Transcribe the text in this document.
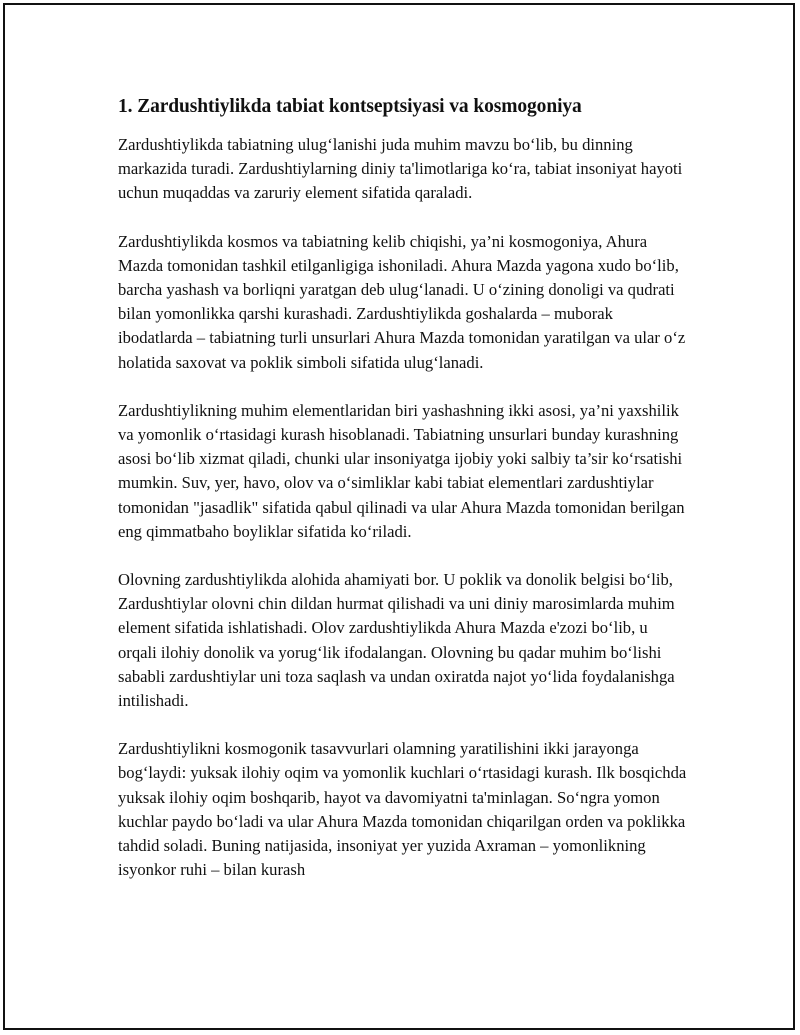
1. Zardushtiylikda tabiat kontseptsiyasi va kosmogoniya

Zardushtiylikda tabiatning ulug‘lanishi juda muhim mavzu bo‘lib, bu dinning markazida turadi. Zardushtiylarning diniy ta'limotlariga ko‘ra, tabiat insoniyat hayoti uchun muqaddas va zaruriy element sifatida qaraladi.

Zardushtiylikda kosmos va tabiatning kelib chiqishi, ya’ni kosmogoniya, Ahura Mazda tomonidan tashkil etilganligiga ishoniladi. Ahura Mazda yagona xudo bo‘lib, barcha yashash va borliqni yaratgan deb ulug‘lanadi. U o‘zining donoligi va qudrati bilan yomonlikka qarshi kurashadi. Zardushtiylikda goshalarda – muborak ibodatlarda – tabiatning turli unsurlari Ahura Mazda tomonidan yaratilgan va ular o‘z holatida saxovat va poklik simboli sifatida ulug‘lanadi.

Zardushtiylikning muhim elementlaridan biri yashashning ikki asosi, ya’ni yaxshilik va yomonlik o‘rtasidagi kurash hisoblanadi. Tabiatning unsurlari bunday kurashning asosi bo‘lib xizmat qiladi, chunki ular insoniyatga ijobiy yoki salbiy ta’sir ko‘rsatishi mumkin. Suv, yer, havo, olov va o‘simliklar kabi tabiat elementlari zardushtiylar tomonidan "jasadlik" sifatida qabul qilinadi va ular Ahura Mazda tomonidan berilgan eng qimmatbaho boyliklar sifatida ko‘riladi.

Olovning zardushtiylikda alohida ahamiyati bor. U poklik va donolik belgisi bo‘lib, Zardushtiylar olovni chin dildan hurmat qilishadi va uni diniy marosimlarda muhim element sifatida ishlatishadi. Olov zardushtiylikda Ahura Mazda e'zozi bo‘lib, u orqali ilohiy donolik va yorug‘lik ifodalangan. Olovning bu qadar muhim bo‘lishi sababli zardushtiylar uni toza saqlash va undan oxiratda najot yo‘lida foydalanishga intilishadi.

Zardushtiylikni kosmogonik tasavvurlari olamning yaratilishini ikki jarayonga bog‘laydi: yuksak ilohiy oqim va yomonlik kuchlari o‘rtasidagi kurash. Ilk bosqichda yuksak ilohiy oqim boshqarib, hayot va davomiyatni ta'minlagan. So‘ngra yomon kuchlar paydo bo‘ladi va ular Ahura Mazda tomonidan chiqarilgan orden va poklikka tahdid soladi. Buning natijasida, insoniyat yer yuzida Axraman – yomonlikning isyonkor ruhi – bilan kurash
